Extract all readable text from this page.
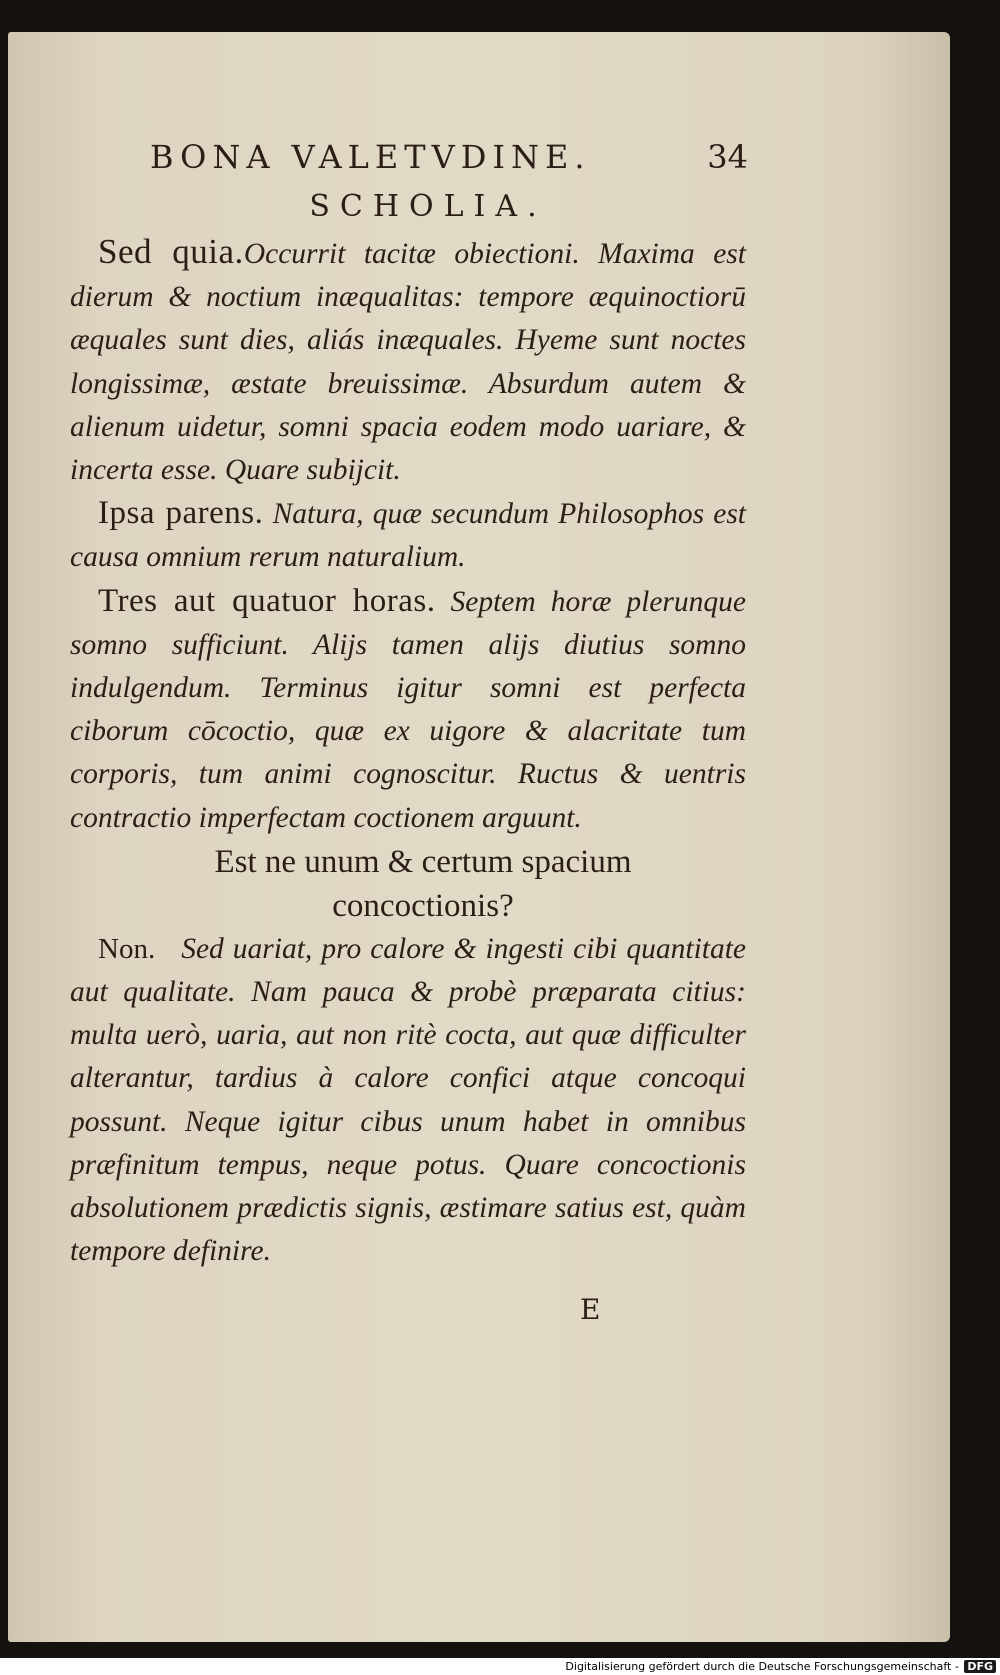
BONA VALETVDINE.	34
SCHOLIA.

Sed quia.Occurrit tacitæ obiectioni. Maxima est dierum & noctium inæqualitas: tempore æquinoctiorū æquales sunt dies, aliás inæquales. Hyeme sunt noctes longissimæ, æstate breuissimæ. Absurdum autem & alienum uidetur, somni spacia eodem modo uariare, & incerta esse. Quare subijcit.

Ipsa parens. Natura, quæ secundum Philosophos est causa omnium rerum naturalium.

Tres aut quatuor horas. Septem horæ plerunque somno sufficiunt. Alijs tamen alijs diutius somno indulgendum. Terminus igitur somni est perfecta ciborum cōcoctio, quæ ex uigore & alacritate tum corporis, tum animi cognoscitur. Ructus & uentris contractio imperfectam coctionem arguunt.

Est ne unum & certum spacium
concoctionis?

Non. Sed uariat, pro calore & ingesti cibi quantitate aut qualitate. Nam pauca & probè præparata citius: multa uerò, uaria, aut non ritè cocta, aut quæ difficulter alterantur, tardius à calore confici atque concoqui possunt. Neque igitur cibus unum habet in omnibus præfinitum tempus, neque potus. Quare concoctionis absolutionem prædictis signis, æstimare satius est, quàm tempore definire.

E
Digitalisierung gefördert durch die Deutsche Forschungsgemeinschaft - DFG
